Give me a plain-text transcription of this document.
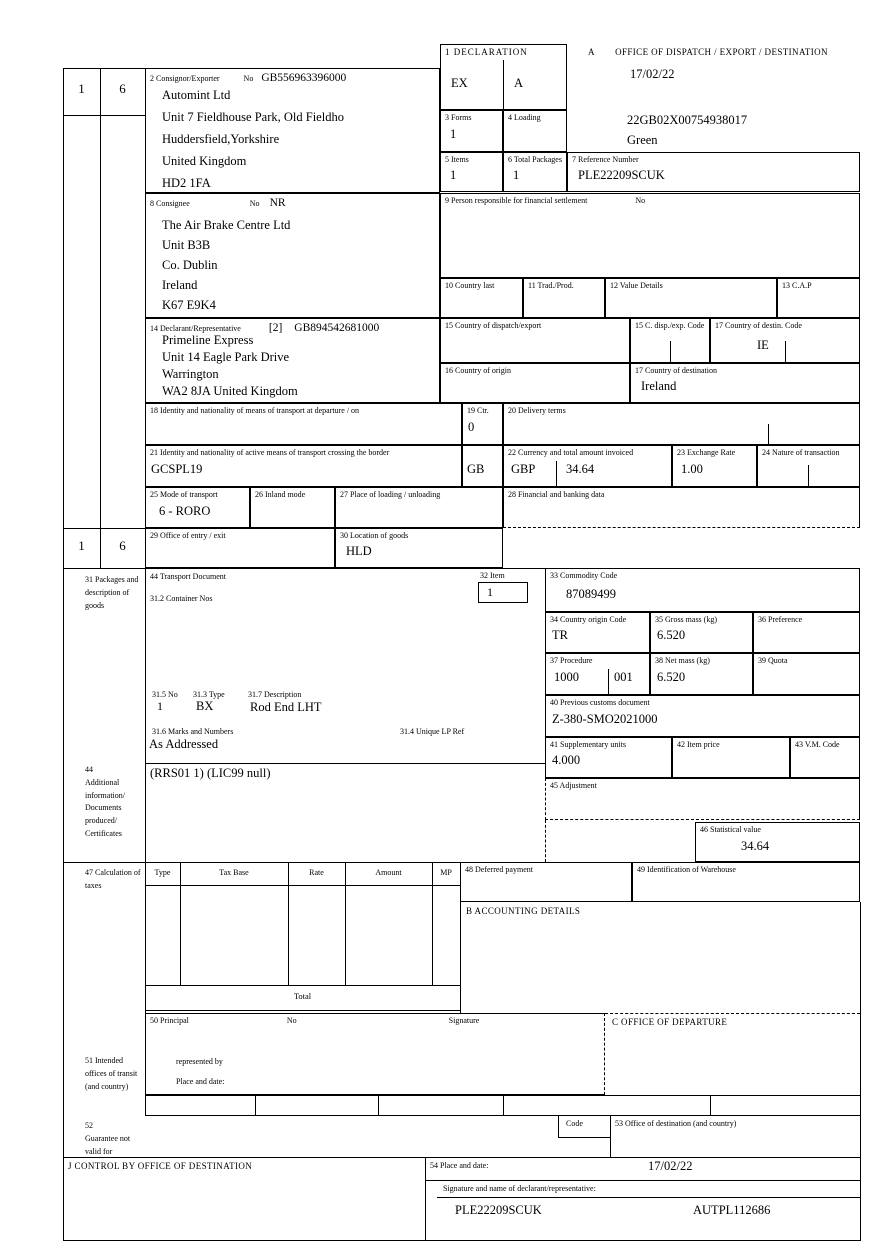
1	6
1	6
1 DECLARATION
EX	A
A OFFICE OF DISPATCH / EXPORT / DESTINATION
17/02/22
22GB02X00754938017
Green
2 Consignor/Exporter	No GB556963396000
Automint Ltd
Unit 7 Fieldhouse Park, Old Fieldho
Huddersfield,Yorkshire
United Kingdom
HD2 1FA
3 Forms
1
4 Loading
5 Items
1
6 Total Packages
1
7 Reference Number
PLE22209SCUK
8 Consignee	No NR
The Air Brake Centre Ltd
Unit B3B
Co. Dublin
Ireland
K67 E9K4
9 Person responsible for financial settlement	No
10 Country last	11 Trad./Prod.	12 Value Details	13 C.A.P
14 Declarant/Representative [2] GB894542681000
Primeline Express
Unit 14 Eagle Park Drive
Warrington
WA2 8JA United Kingdom
15 Country of dispatch/export	15 C. disp./exp. Code	17 Country of destin. Code
IE
16 Country of origin	17 Country of destination
Ireland
18 Identity and nationality of means of transport at departure / on	19 Ctr.
0
20 Delivery terms
21 Identity and nationality of active means of transport crossing the border
GCSPL19	GB
22 Currency and total amount invoiced
GBP 34.64
23 Exchange Rate
1.00
24 Nature of transaction
25 Mode of transport
6 - RORO
26 Inland mode	27 Place of loading / unloading	28 Financial and banking data
29 Office of entry / exit	30 Location of goods
HLD
31 Packages and description of goods
44 Transport Document
31.2 Container Nos
32 Item
1
31.5 No
1
31.3 Type
BX
31.7 Description
Rod End LHT
31.6 Marks and Numbers
As Addressed
31.4 Unique LP Ref
33 Commodity Code
87089499
34 Country origin Code
TR
35 Gross mass (kg)
6.520
36 Preference
37 Procedure
1000	001
38 Net mass (kg)
6.520
39 Quota
40 Previous customs document
Z-380-SMO2021000
41 Supplementary units
4.000
42 Item price	43 V.M. Code
44
Additional information/ Documents produced/ Certificates
(RRS01 1) (LIC99 null)
45 Adjustment
46 Statistical value
34.64
47 Calculation of taxes
Type	Tax Base	Rate	Amount	MP
Total
48 Deferred payment	49 Identification of Warehouse
B ACCOUNTING DETAILS
50 Principal	No	Signature
represented by
Place and date:
C OFFICE OF DEPARTURE
51 Intended offices of transit (and country)
52
Guarantee not valid for
Code	53 Office of destination (and country)
J CONTROL BY OFFICE OF DESTINATION	54 Place and date:	17/02/22
Signature and name of declarant/representative:
PLE22209SCUK	AUTPL112686
